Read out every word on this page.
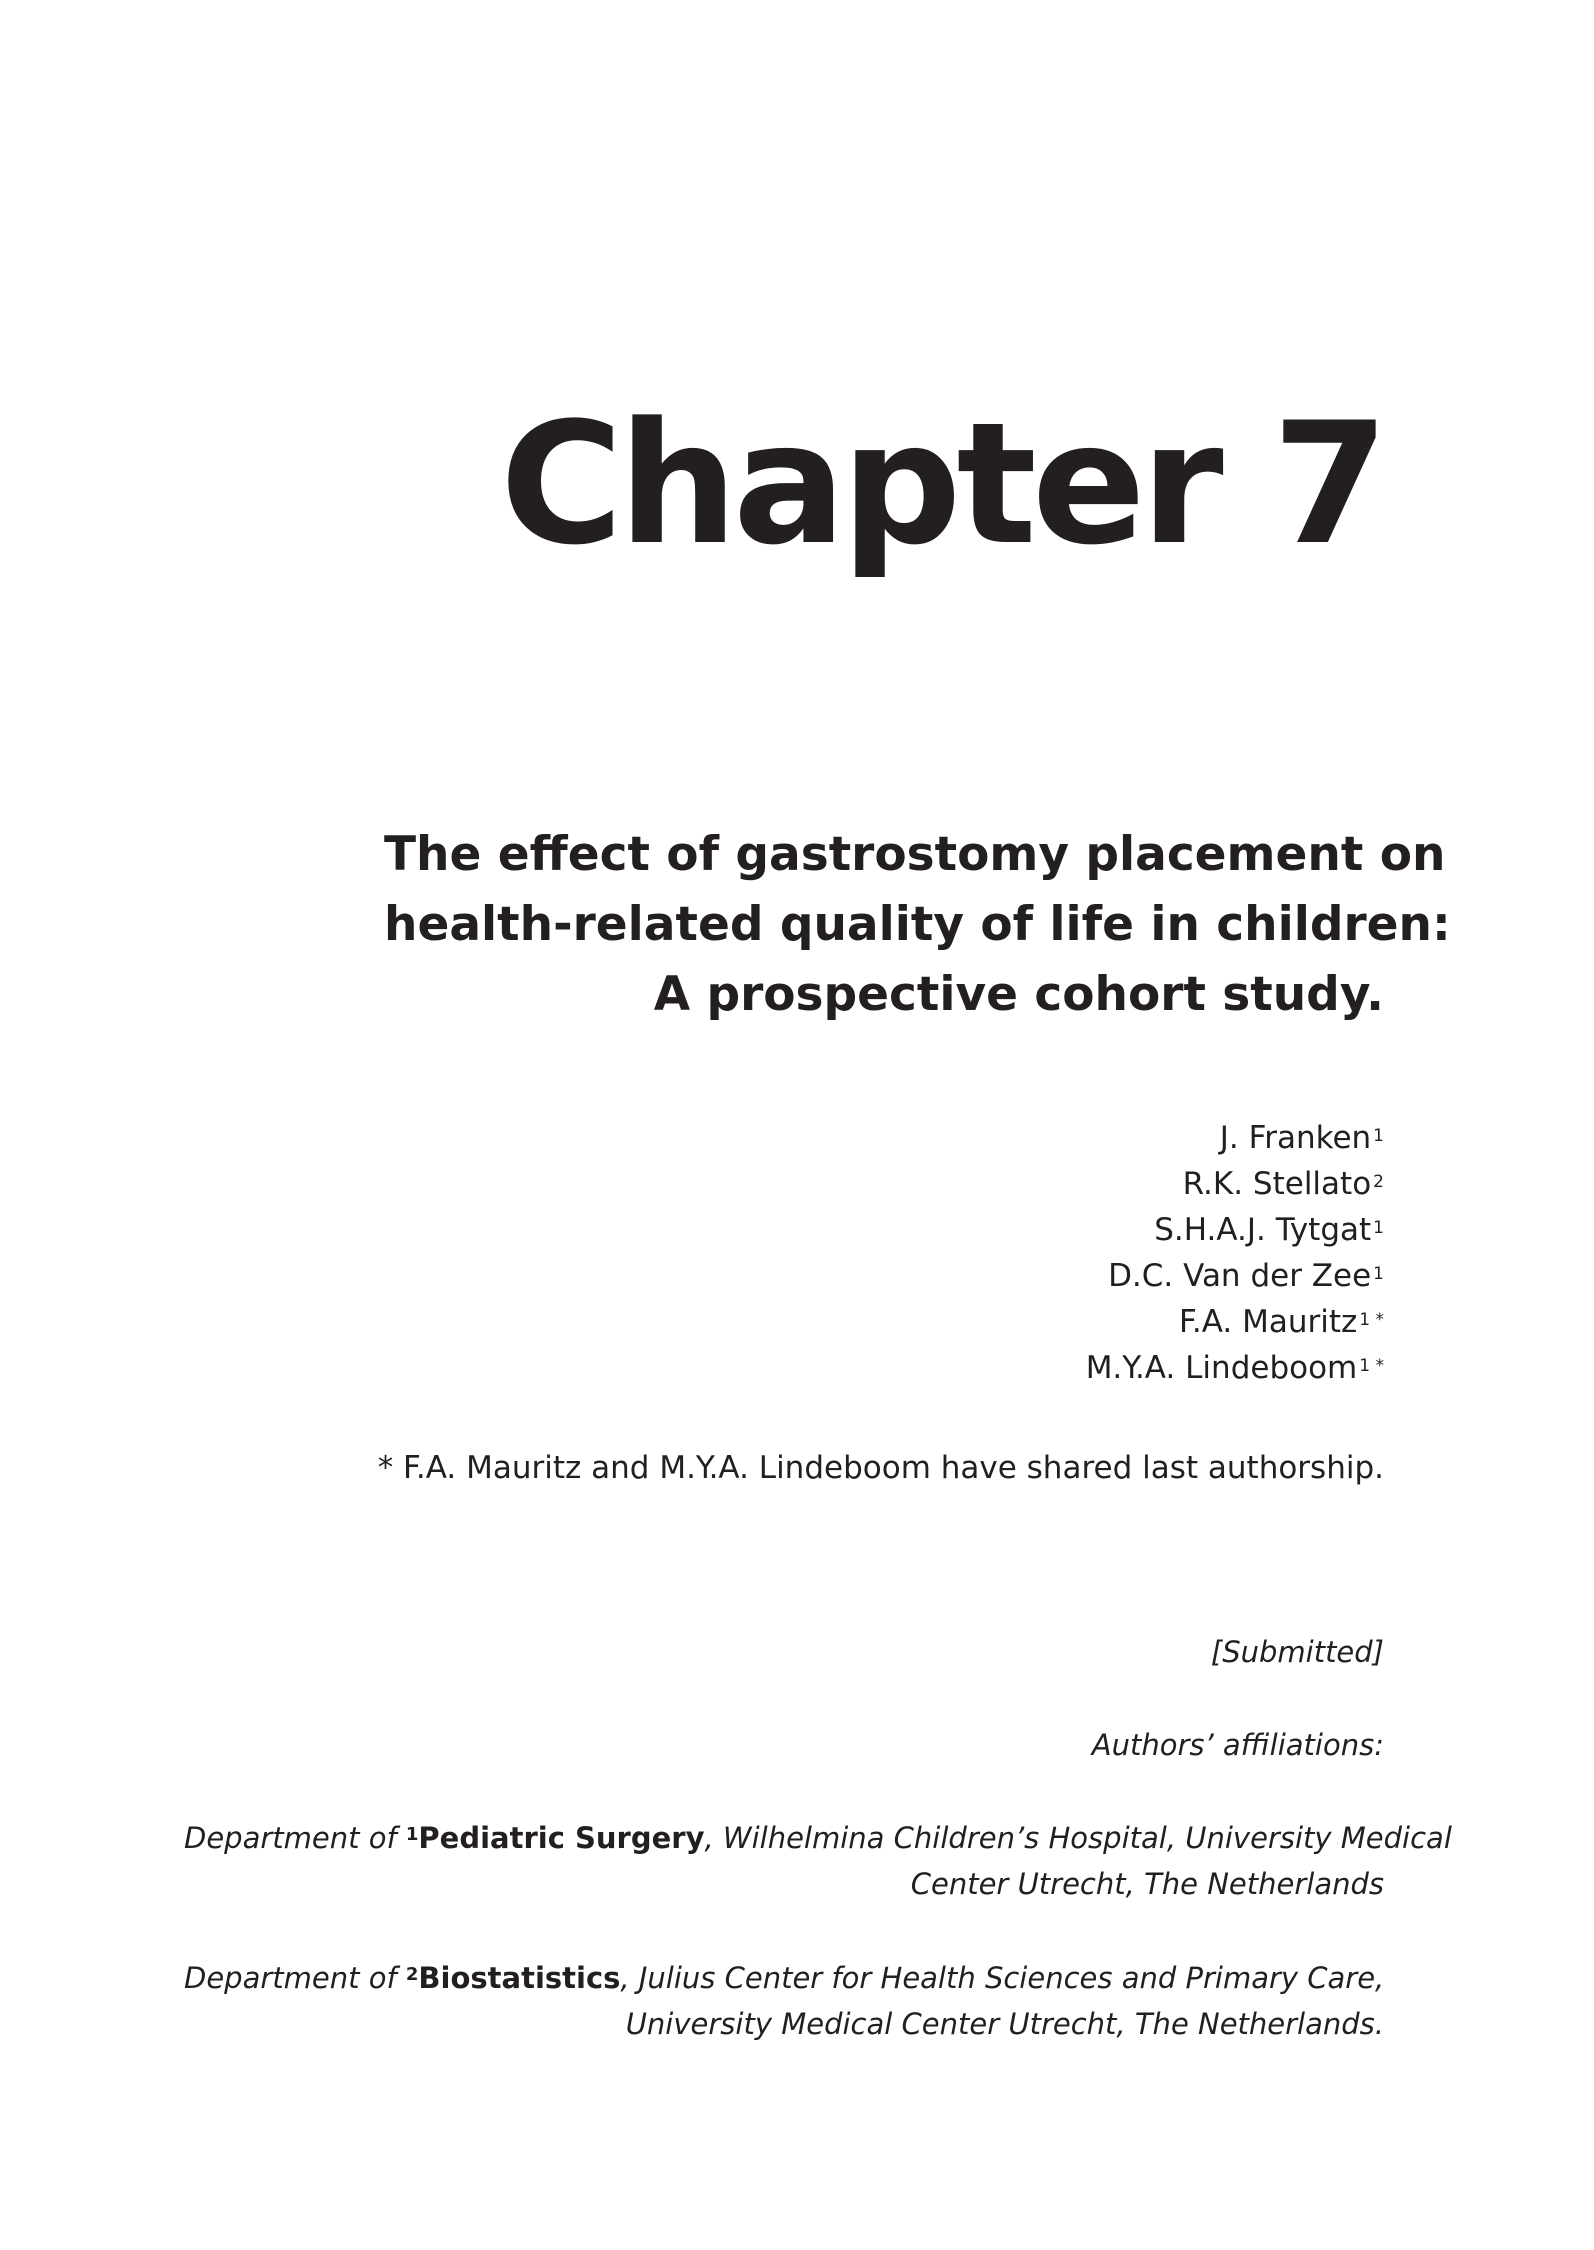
Chapter 7
The effect of gastrostomy placement on
health-related quality of life in children:
A prospective cohort study.
J. Franken $^1$
R.K. Stellato $^2$
S.H.A.J. Tytgat $^1$
D.C. Van der Zee $^1$
F.A. Mauritz $^{1 *}$
M.Y.A. Lindeboom $^{1 *}$
* F.A. Mauritz and M.Y.A. Lindeboom have shared last authorship.
[Submitted]
Authors’ affiliations:
Department of $^1$Pediatric Surgery, Wilhelmina Children’s Hospital, University Medical
Center Utrecht, The Netherlands
Department of $^2$Biostatistics, Julius Center for Health Sciences and Primary Care,
University Medical Center Utrecht, The Netherlands.
